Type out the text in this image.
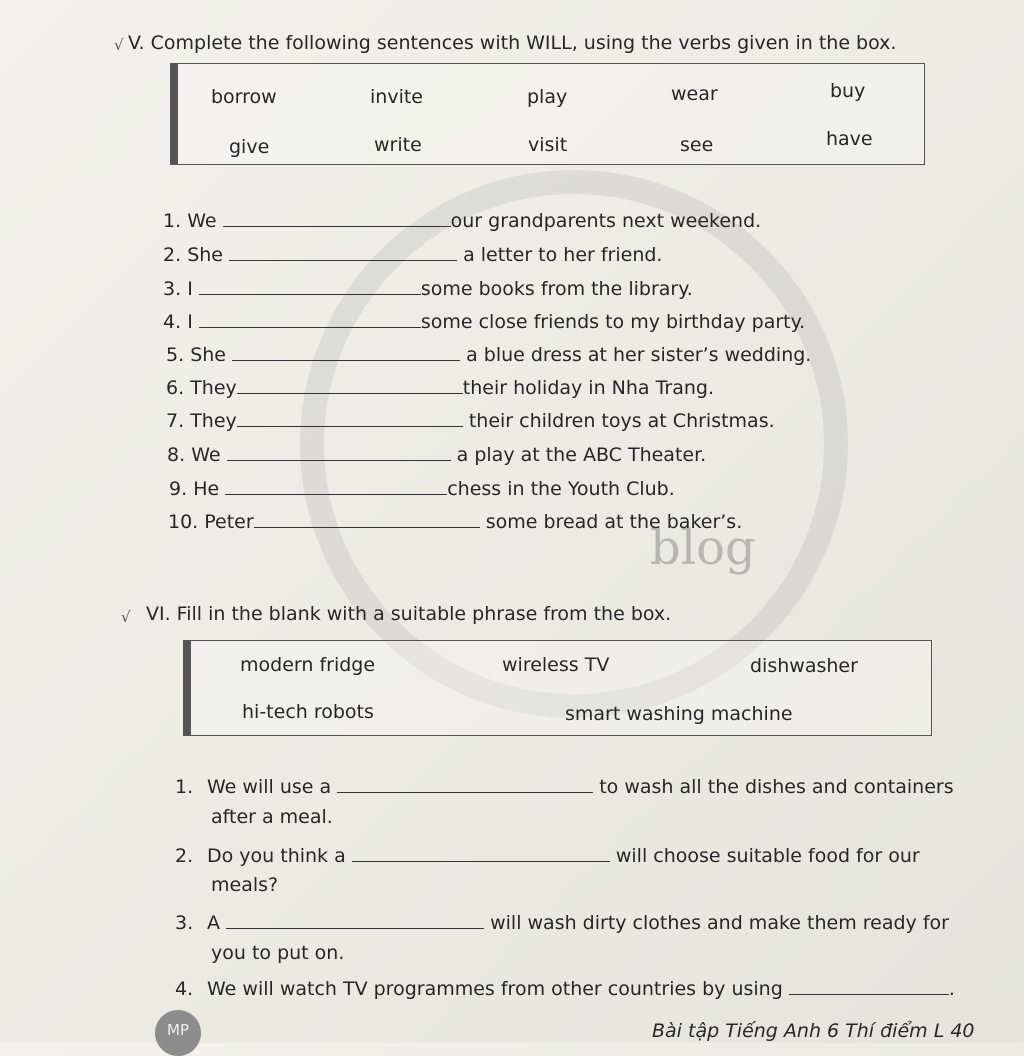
blog
√ V. Complete the following sentences with WILL, using the verbs given in the box.
borrow	invite	play	wear	buy
give	write	visit	see	have
1. We	our grandparents next weekend.
2. She	a letter to her friend.
3. I	some books from the library.
4. I	some close friends to my birthday party.
5. She	a blue dress at her sister’s wedding.
6. They	their holiday in Nha Trang.
7. They	their children toys at Christmas.
8. We	a play at the ABC Theater.
9. He	chess in the Youth Club.
10. Peter	some bread at the baker’s.
√ VI. Fill in the blank with a suitable phrase from the box.
modern fridge	wireless TV	dishwasher
hi-tech robots	smart washing machine
1. We will use a	to wash all the dishes and containers
after a meal.
2. Do you think a	will choose suitable food for our
meals?
3. A	will wash dirty clothes and make them ready for
you to put on.
4. We will watch TV programmes from other countries by using	.
MP	Bài tập Tiếng Anh 6 Thí điểm L 40
